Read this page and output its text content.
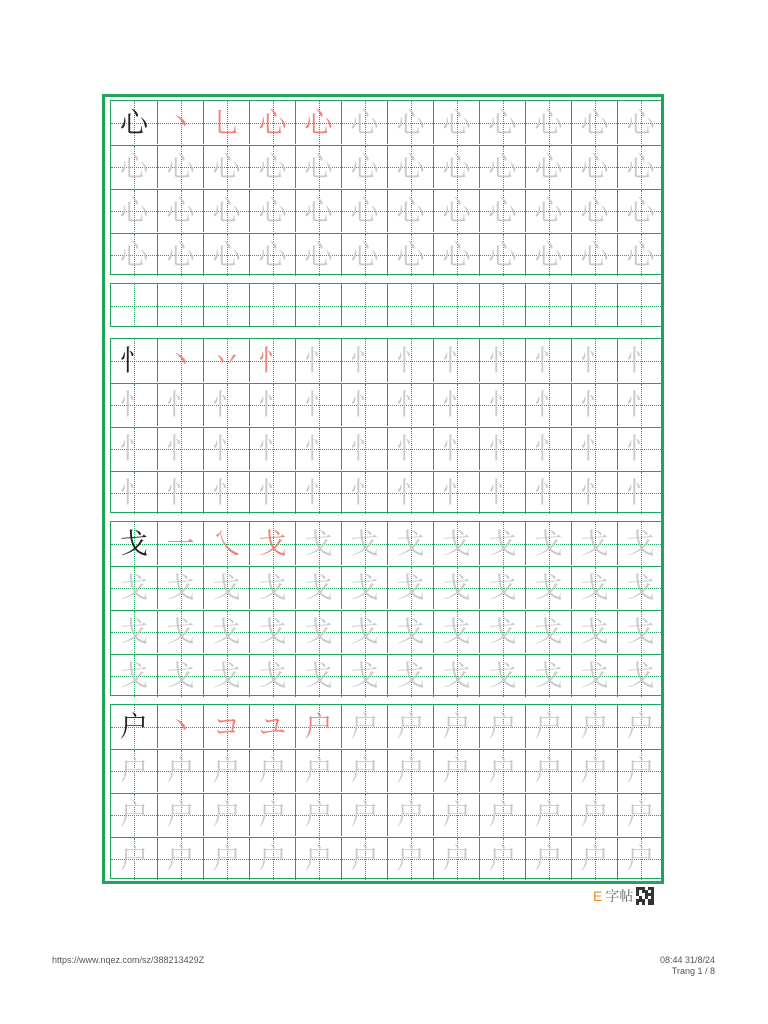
心 丶 乚 心 心 心 心 心 心 心 心 心
心 心 心 心 心 心 心 心 心 心 心 心
心 心 心 心 心 心 心 心 心 心 心 心
心 心 心 心 心 心 心 心 心 心 心 心
忄 丶 丷 忄 忄 忄 忄 忄 忄 忄 忄 忄
忄 忄 忄 忄 忄 忄 忄 忄 忄 忄 忄 忄
忄 忄 忄 忄 忄 忄 忄 忄 忄 忄 忄 忄
忄 忄 忄 忄 忄 忄 忄 忄 忄 忄 忄 忄
戈 一 乀 戈 戈 戈 戈 戈 戈 戈 戈 戈
戈 戈 戈 戈 戈 戈 戈 戈 戈 戈 戈 戈
戈 戈 戈 戈 戈 戈 戈 戈 戈 戈 戈 戈
戈 戈 戈 戈 戈 戈 戈 戈 戈 戈 戈 戈
户 丶 コ ユ 户 户 户 户 户 户 户 户
户 户 户 户 户 户 户 户 户 户 户 户
户 户 户 户 户 户 户 户 户 户 户 户
户 户 户 户 户 户 户 户 户 户 户 户
E 字帖
https://www.nqez.com/sz/388213429Z	08:44 31/8/24
Trang 1 / 8
